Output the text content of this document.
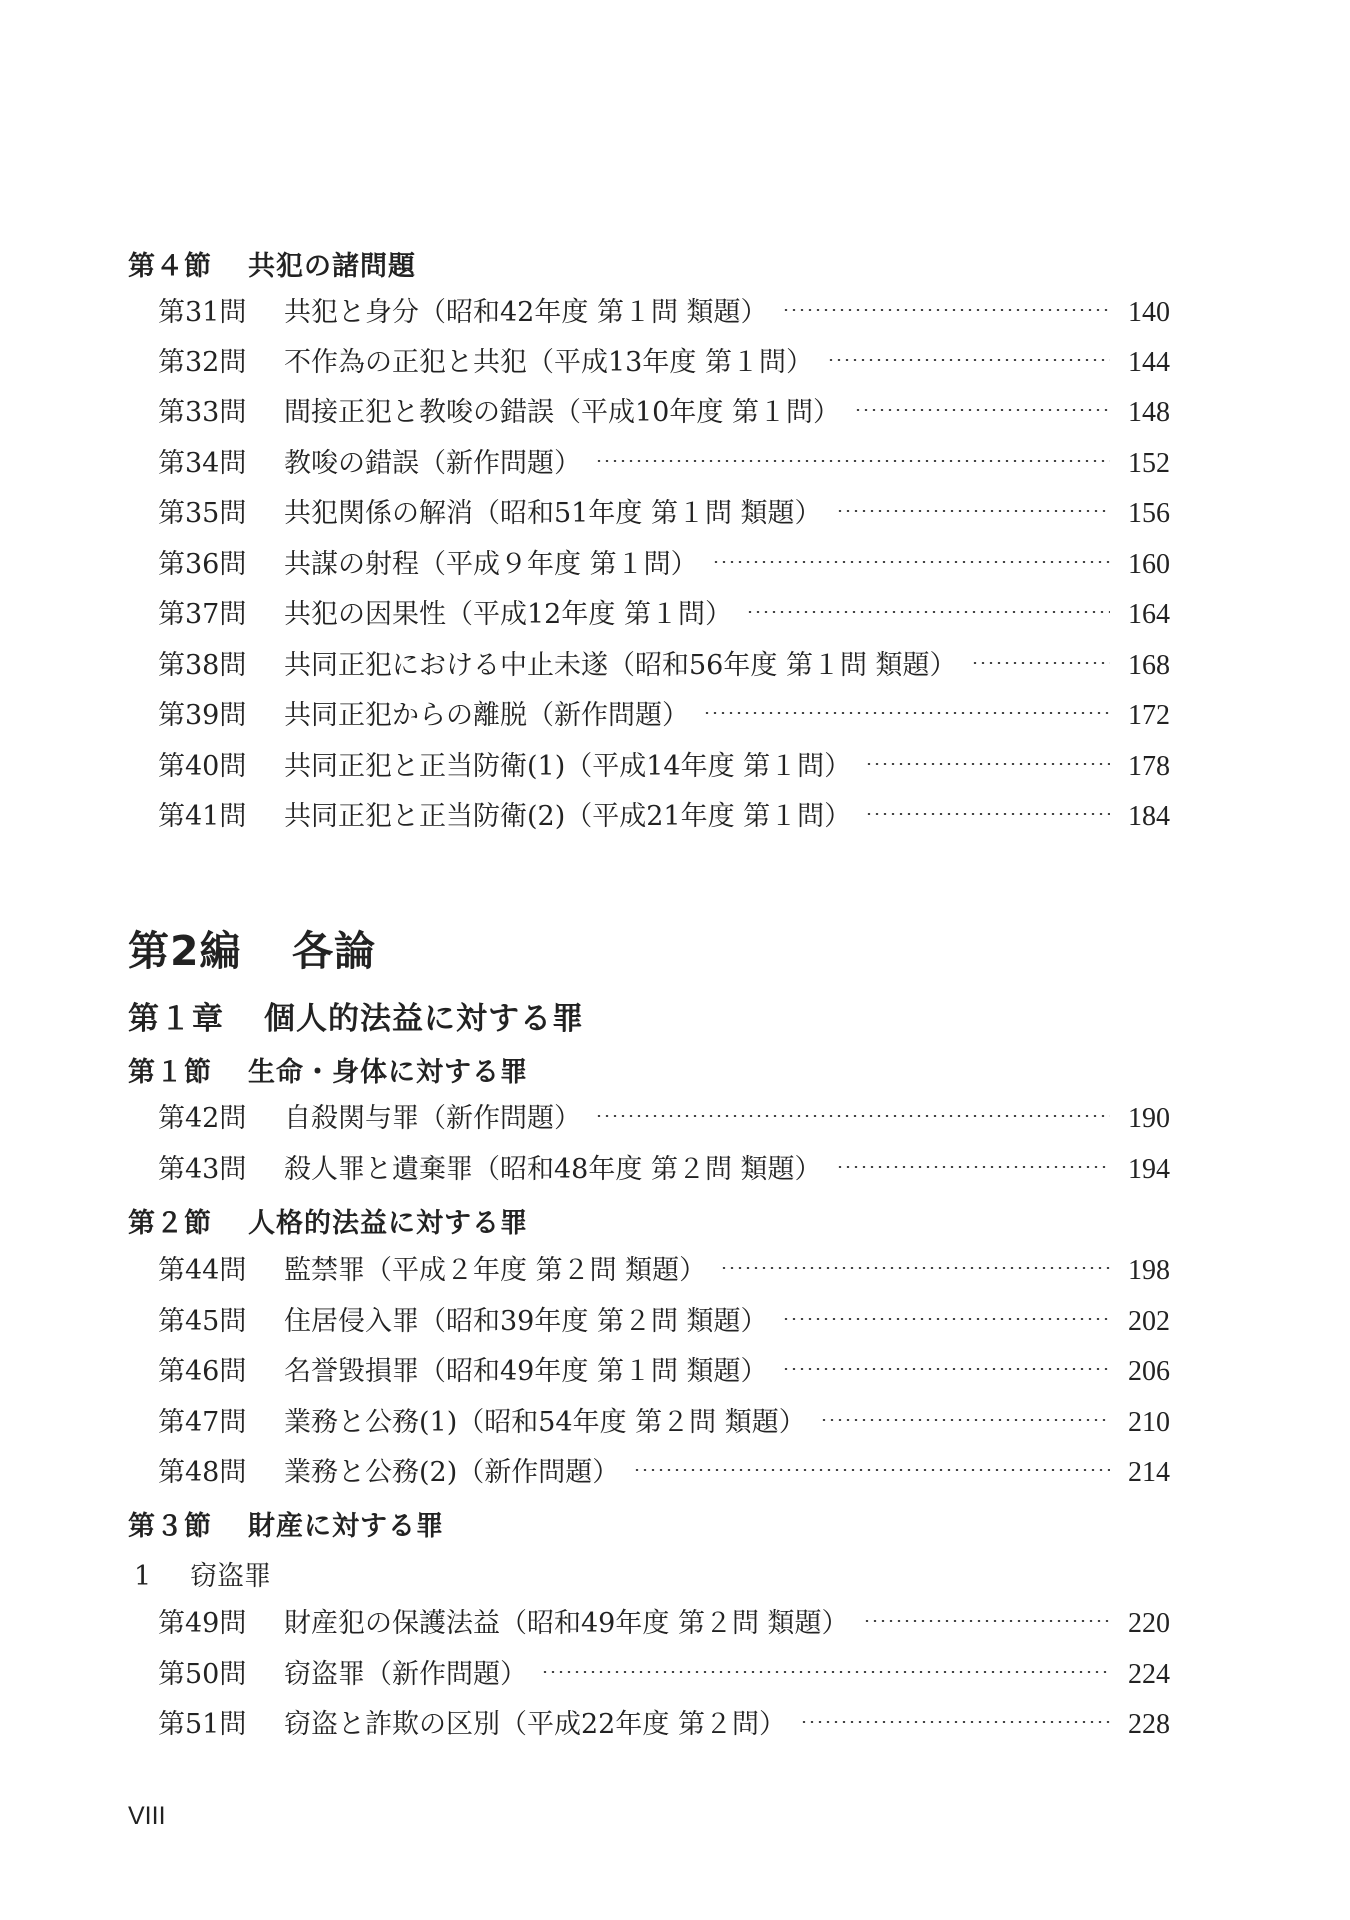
第４節 共犯の諸問題
第31問	共犯と身分（昭和42年度 第１問 類題）	140
第32問	不作為の正犯と共犯（平成13年度 第１問）	144
第33問	間接正犯と教唆の錯誤（平成10年度 第１問）	148
第34問	教唆の錯誤（新作問題）	152
第35問	共犯関係の解消（昭和51年度 第１問 類題）	156
第36問	共謀の射程（平成９年度 第１問）	160
第37問	共犯の因果性（平成12年度 第１問）	164
第38問	共同正犯における中止未遂（昭和56年度 第１問 類題）	168
第39問	共同正犯からの離脱（新作問題）	172
第40問	共同正犯と正当防衛(1)（平成14年度 第１問）	178
第41問	共同正犯と正当防衛(2)（平成21年度 第１問）	184
第2編 各論
第１章 個人的法益に対する罪
第１節 生命・身体に対する罪
第42問	自殺関与罪（新作問題）	190
第43問	殺人罪と遺棄罪（昭和48年度 第２問 類題）	194
第２節 人格的法益に対する罪
第44問	監禁罪（平成２年度 第２問 類題）	198
第45問	住居侵入罪（昭和39年度 第２問 類題）	202
第46問	名誉毀損罪（昭和49年度 第１問 類題）	206
第47問	業務と公務(1)（昭和54年度 第２問 類題）	210
第48問	業務と公務(2)（新作問題）	214
第３節 財産に対する罪
1 窃盗罪
第49問	財産犯の保護法益（昭和49年度 第２問 類題）	220
第50問	窃盗罪（新作問題）	224
第51問	窃盗と詐欺の区別（平成22年度 第２問）	228
VIII
